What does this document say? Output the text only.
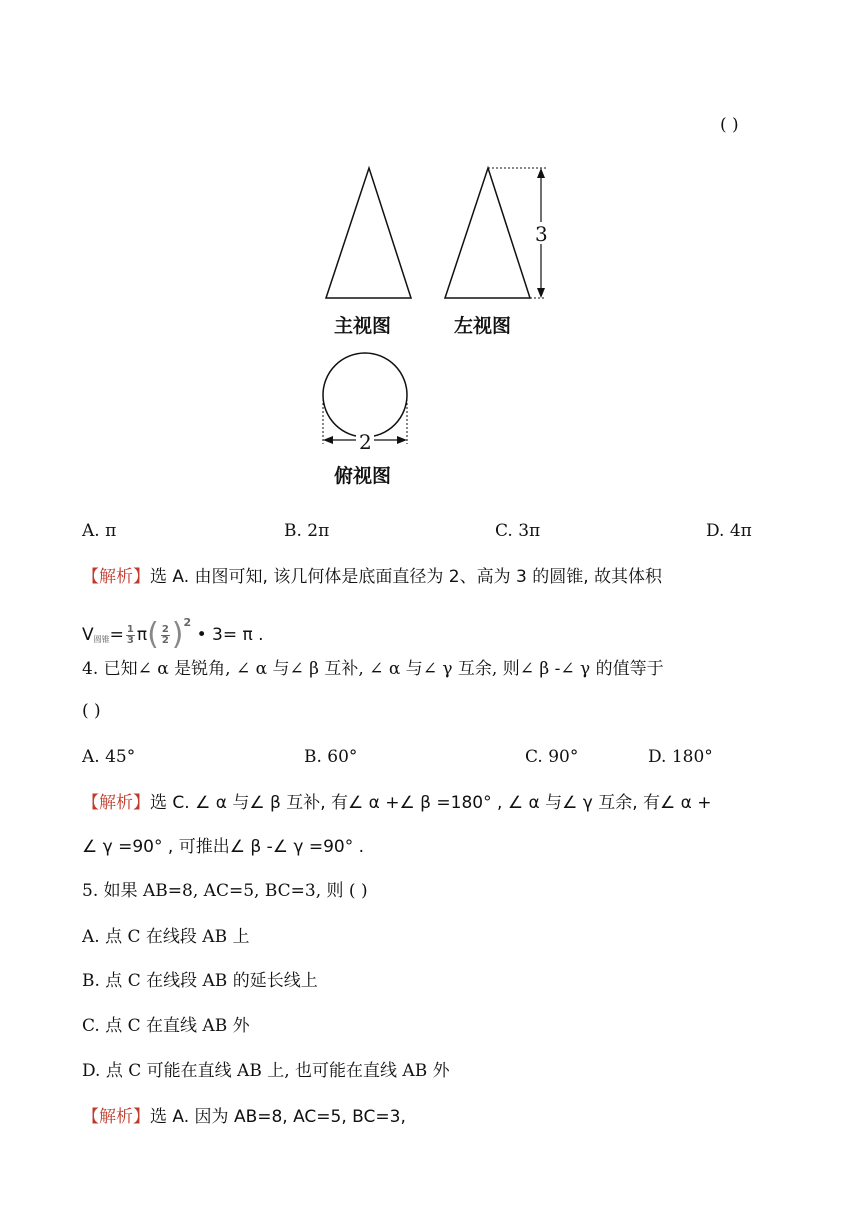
( )
3
2
主视图	左视图
俯视图
A. π	B. 2π	C. 3π	D. 4π
【解析】选 A. 由图可知, 该几何体是底面直径为 2、高为 3 的圆锥, 故其体积
$V_{圆锥}= \frac{1}{3} \pi( \frac{2}{2} )^2$ • 3= π .
4. 已知∠ α 是锐角, ∠ α 与∠ β 互补, ∠ α 与∠ γ 互余, 则∠ β -∠ γ 的值等于
( )
A. 45°	B. 60°	C. 90°	D. 180°
【解析】选 C. ∠ α 与∠ β 互补, 有∠ α +∠ β =180° , ∠ α 与∠ γ 互余, 有∠ α +
∠ γ =90° , 可推出∠ β -∠ γ =90° .
5. 如果 AB=8, AC=5, BC=3, 则 ( )
A. 点 C 在线段 AB 上
B. 点 C 在线段 AB 的延长线上
C. 点 C 在直线 AB 外
D. 点 C 可能在直线 AB 上, 也可能在直线 AB 外
【解析】选 A. 因为 AB=8, AC=5, BC=3,
